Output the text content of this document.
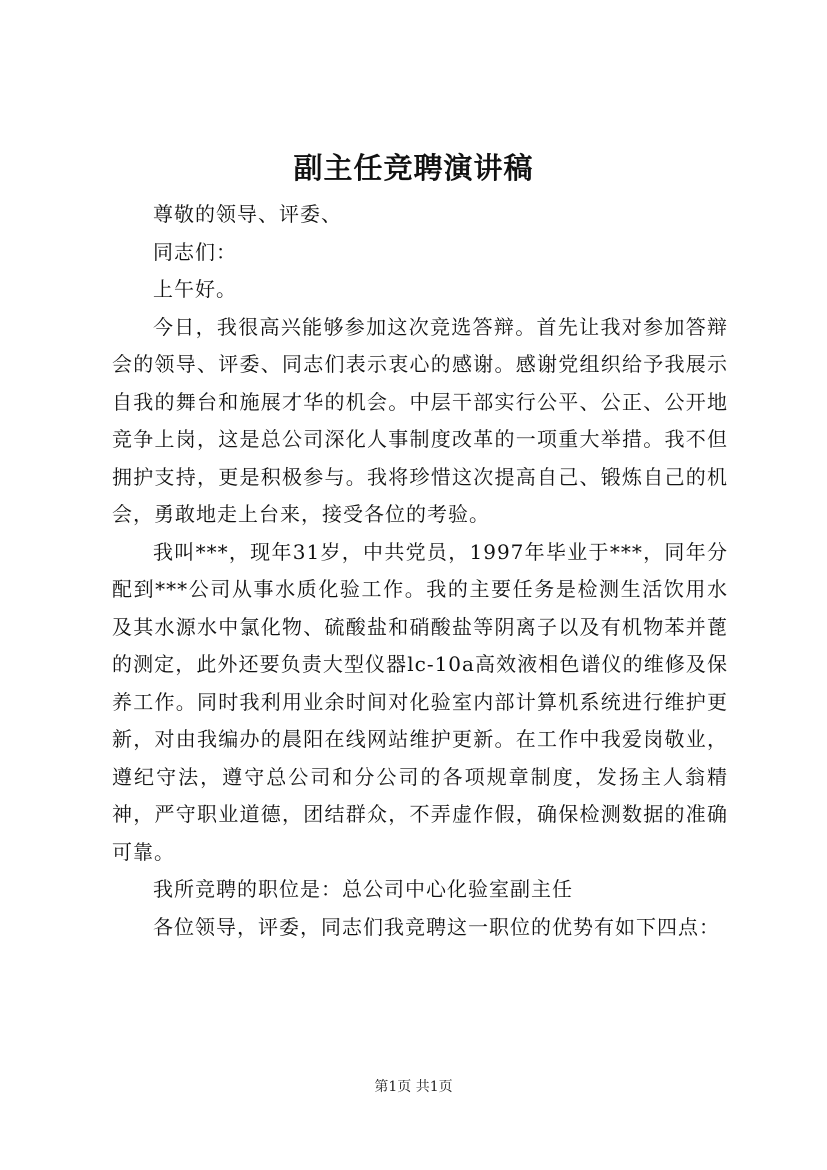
副主任竞聘演讲稿

尊敬的领导、评委、

同志们：

上午好。

今日，我很高兴能够参加这次竞选答辩。首先让我对参加答辩会的领导、评委、同志们表示衷心的感谢。感谢党组织给予我展示自我的舞台和施展才华的机会。中层干部实行公平、公正、公开地竞争上岗，这是总公司深化人事制度改革的一项重大举措。我不但拥护支持，更是积极参与。我将珍惜这次提高自己、锻炼自己的机会，勇敢地走上台来，接受各位的考验。

我叫***，现年31岁，中共党员，1997年毕业于***，同年分配到***公司从事水质化验工作。我的主要任务是检测生活饮用水及其水源水中氯化物、硫酸盐和硝酸盐等阴离子以及有机物苯并蓖的测定，此外还要负责大型仪器lc-10a高效液相色谱仪的维修及保养工作。同时我利用业余时间对化验室内部计算机系统进行维护更新，对由我编办的晨阳在线网站维护更新。在工作中我爱岗敬业，遵纪守法，遵守总公司和分公司的各项规章制度，发扬主人翁精神，严守职业道德，团结群众，不弄虚作假，确保检测数据的准确可靠。

我所竞聘的职位是：总公司中心化验室副主任

各位领导，评委，同志们我竞聘这一职位的优势有如下四点：

第1页 共1页
